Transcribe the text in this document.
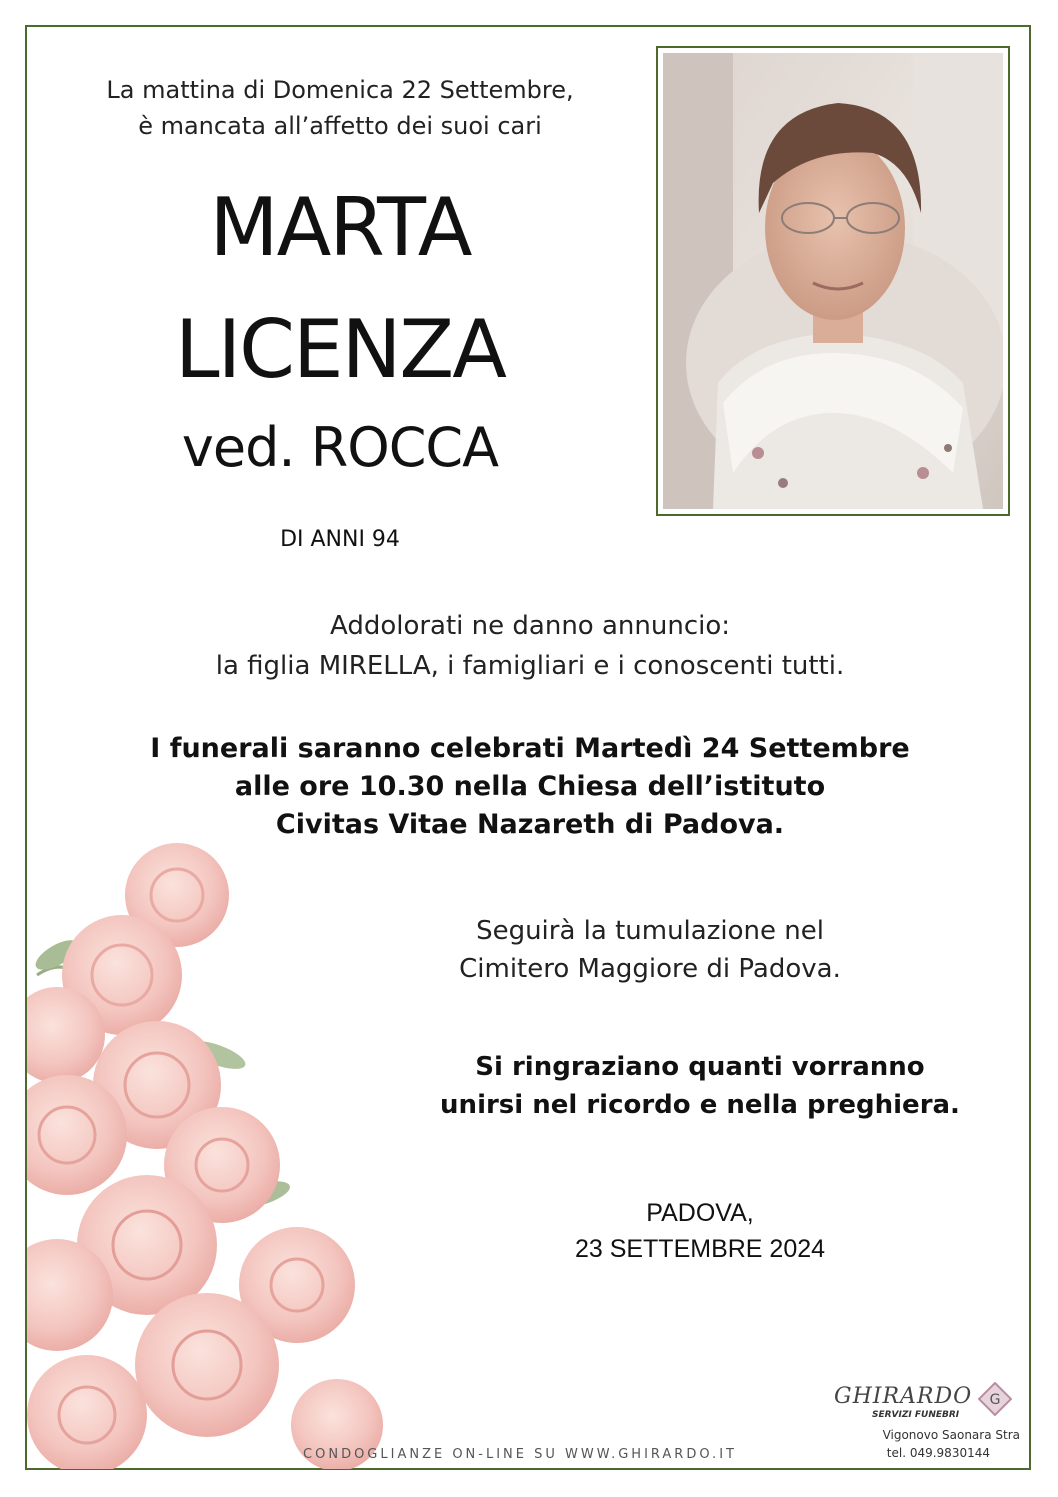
La mattina di Domenica 22 Settembre,
è mancata all’affetto dei suoi cari
MARTA
LICENZA
ved. ROCCA
DI ANNI 94
Addolorati ne danno annuncio:
la figlia MIRELLA, i famigliari e i conoscenti tutti.
I funerali saranno celebrati Martedì 24 Settembre
alle ore 10.30 nella Chiesa dell’istituto
Civitas Vitae Nazareth di Padova.
Seguirà la tumulazione nel
Cimitero Maggiore di Padova.
Si ringraziano quanti vorranno
unirsi nel ricordo e nella preghiera.
PADOVA,
23 SETTEMBRE 2024
CONDOGLIANZE ON-LINE SU WWW.GHIRARDO.IT
GHIRARDO
SERVIZI FUNEBRI
G
Vigonovo Saonara Stra
tel. 049.9830144
